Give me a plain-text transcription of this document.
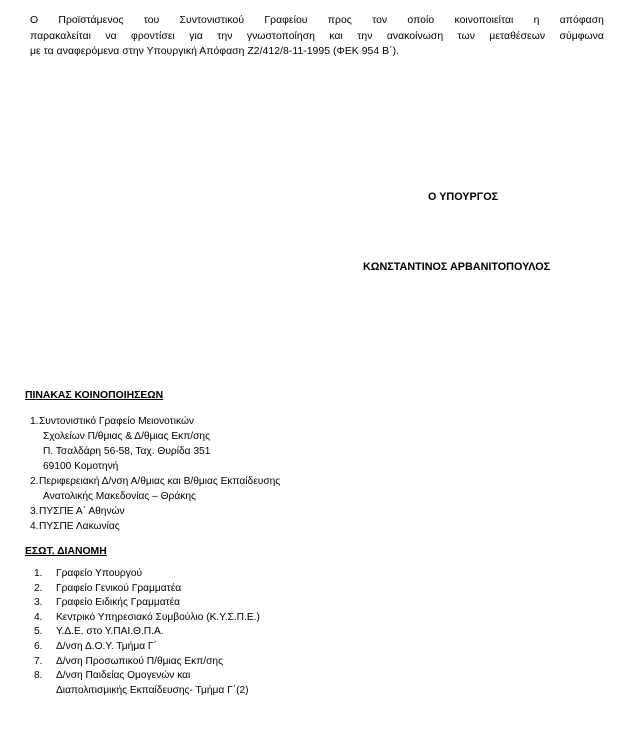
Ο Προϊστάμενος του Συντονιστικού Γραφείου προς τον οποίο κοινοποιείται η απόφαση
παρακαλείται να φροντίσει για την γνωστοποίηση και την ανακοίνωση των μεταθέσεων σύμφωνα
με τα αναφερόμενα στην Υπουργική Απόφαση Ζ2/412/8-11-1995 (ΦΕΚ 954 Β΄).
Ο ΥΠΟΥΡΓΟΣ
ΚΩΝΣΤΑΝΤΙΝΟΣ ΑΡΒΑΝΙΤΟΠΟΥΛΟΣ
ΠΙΝΑΚΑΣ ΚΟΙΝΟΠΟΙΗΣΕΩΝ
1. Συντονιστικό Γραφείο Μειονοτικών
Σχολείων Π/θμιας & Δ/θμιας Εκπ/σης
Π. Τσαλδάρη 56-58, Ταχ. Θυρίδα 351
69100 Κομοτηνή
2. Περιφερειακή Δ/νση Α/θμιας και Β/θμιας Εκπαίδευσης
Ανατολικής Μακεδονίας – Θράκης
3. ΠΥΣΠΕ Α΄ Αθηνών
4. ΠΥΣΠΕ Λακωνίας
ΕΣΩΤ. ΔΙΑΝΟΜΗ
1.	Γραφείο Υπουργού
2.	Γραφείο Γενικού Γραμματέα
3.	Γραφείο Ειδικής Γραμματέα
4.	Κεντρικό Υπηρεσιακό Συμβούλιο (Κ.Υ.Σ.Π.Ε.)
5.	Υ.Δ.Ε. στο Υ.ΠΑΙ.Θ.Π.Α.
6.	Δ/νση Δ.Ο.Υ. Τμήμα Γ΄
7.	Δ/νση Προσωπικού Π/θμιας Εκπ/σης
8.	Δ/νση Παιδείας Ομογενών και
Διαπολιτισμικής Εκπαίδευσης- Τμήμα Γ΄(2)
